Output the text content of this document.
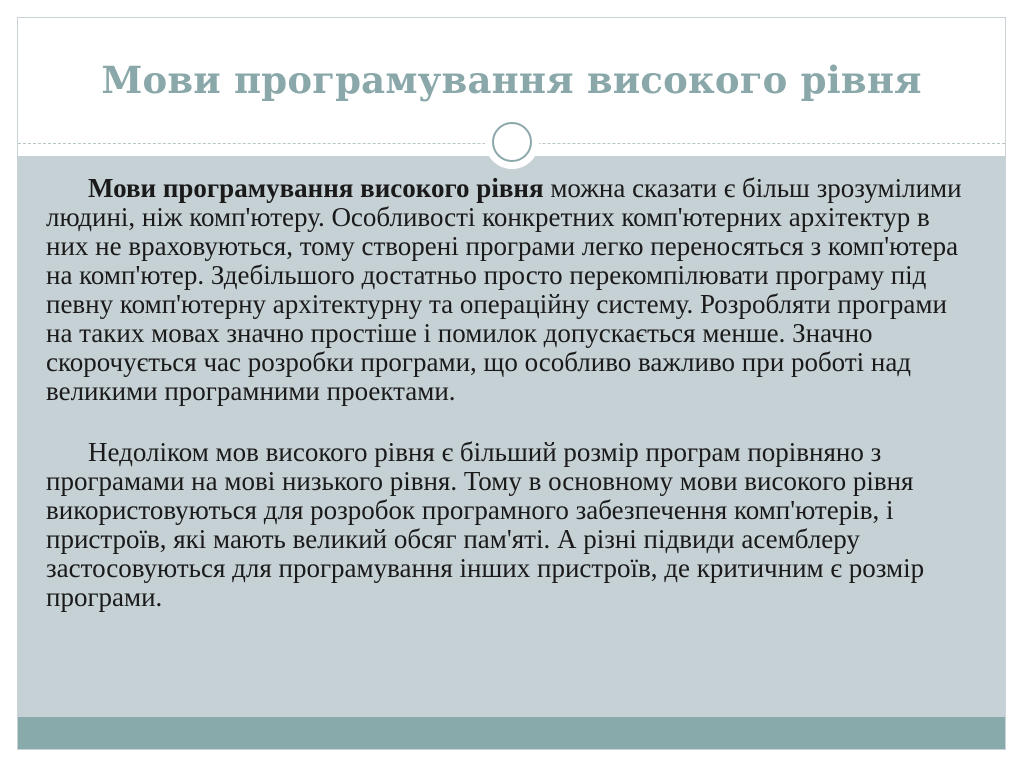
Мови програмування високого рівня

Мови програмування високого рівня можна сказати є більш зрозумілими людині, ніж комп'ютеру. Особливості конкретних комп'ютерних архітектур в них не враховуються, тому створені програми легко переносяться з комп'ютера на комп'ютер. Здебільшого достатньо просто перекомпілювати програму під певну комп'ютерну архітектурну та операційну систему. Розробляти програми на таких мовах значно простіше і помилок допускається менше. Значно скорочується час розробки програми, що особливо важливо при роботі над великими програмними проектами.

Недоліком мов високого рівня є більший розмір програм порівняно з програмами на мові низького рівня. Тому в основному мови високого рівня використовуються для розробок програмного забезпечення комп'ютерів, і пристроїв, які мають великий обсяг пам'яті. А різні підвиди асемблеру застосовуються для програмування інших пристроїв, де критичним є розмір програми.
